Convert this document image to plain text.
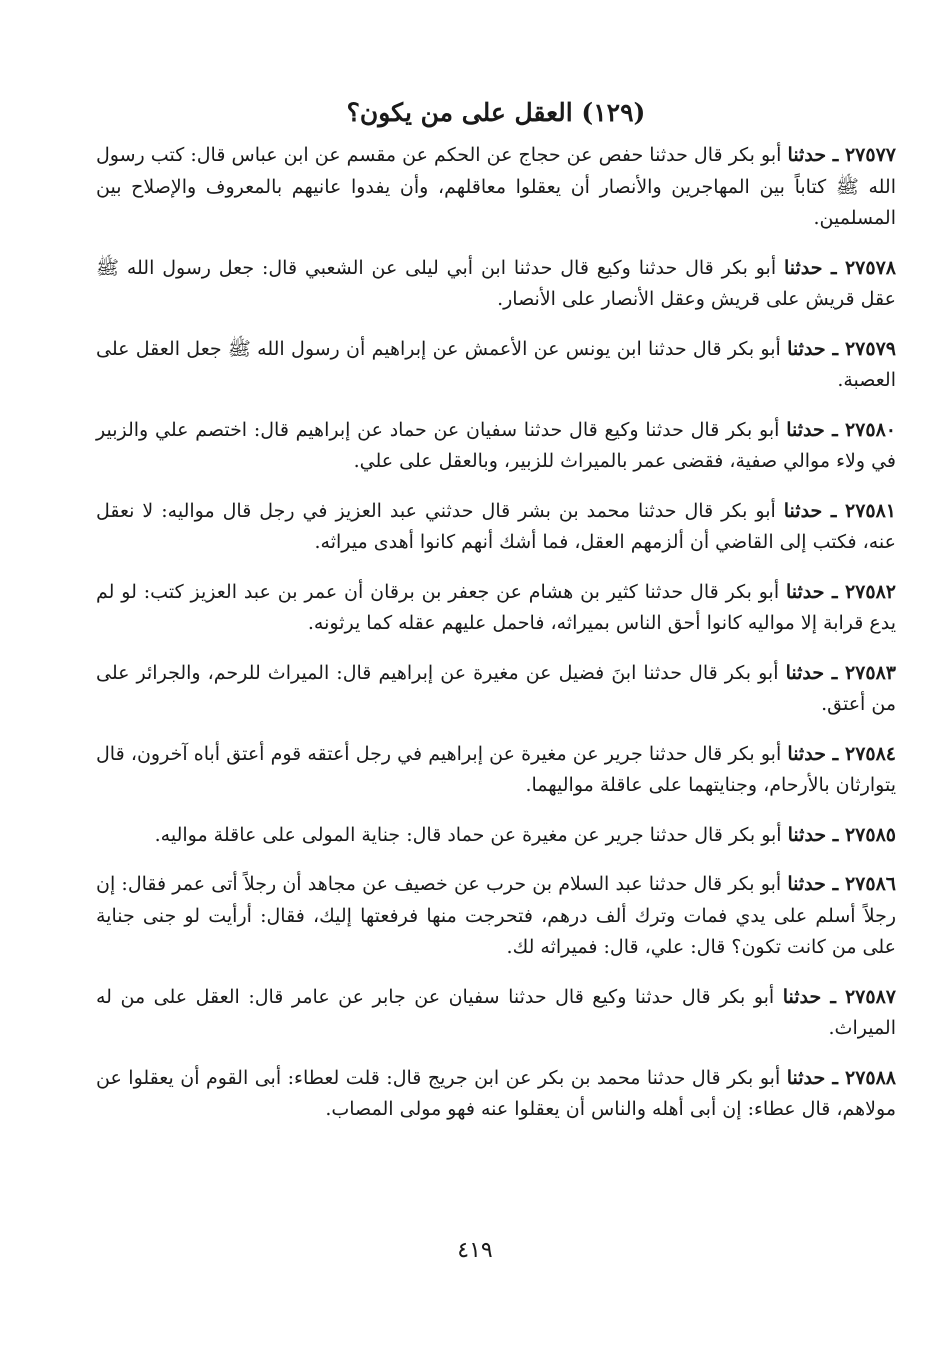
(١٢٩) العقل على من يكون؟

٢٧٥٧٧ ـ حدثنا أبو بكر قال حدثنا حفص عن حجاج عن الحكم عن مقسم عن ابن عباس قال: كتب رسول الله ﷺ كتاباً بين المهاجرين والأنصار أن يعقلوا معاقلهم، وأن يفدوا عانيهم بالمعروف والإصلاح بين المسلمين.

٢٧٥٧٨ ـ حدثنا أبو بكر قال حدثنا وكيع قال حدثنا ابن أبي ليلى عن الشعبي قال: جعل رسول الله ﷺ عقل قريش على قريش وعقل الأنصار على الأنصار.

٢٧٥٧٩ ـ حدثنا أبو بكر قال حدثنا ابن يونس عن الأعمش عن إبراهيم أن رسول الله ﷺ جعل العقل على العصبة.

٢٧٥٨٠ ـ حدثنا أبو بكر قال حدثنا وكيع قال حدثنا سفيان عن حماد عن إبراهيم قال: اختصم علي والزبير في ولاء موالي صفية، فقضى عمر بالميراث للزبير، وبالعقل على علي.

٢٧٥٨١ ـ حدثنا أبو بكر قال حدثنا محمد بن بشر قال حدثني عبد العزيز في رجل قال مواليه: لا نعقل عنه، فكتب إلى القاضي أن ألزمهم العقل، فما أشك أنهم كانوا أهدى ميراثه.

٢٧٥٨٢ ـ حدثنا أبو بكر قال حدثنا كثير بن هشام عن جعفر بن برقان أن عمر بن عبد العزيز كتب: لو لم يدع قرابة إلا مواليه كانوا أحق الناس بميراثه، فاحمل عليهم عقله كما يرثونه.

٢٧٥٨٣ ـ حدثنا أبو بكر قال حدثنا ابنَ فضيل عن مغيرة عن إبراهيم قال: الميراث للرحم، والجرائر على من أعتق.

٢٧٥٨٤ ـ حدثنا أبو بكر قال حدثنا جرير عن مغيرة عن إبراهيم في رجل أعتقه قوم أعتق أباه آخرون، قال يتوارثان بالأرحام، وجنايتهما على عاقلة مواليهما.

٢٧٥٨٥ ـ حدثنا أبو بكر قال حدثنا جرير عن مغيرة عن حماد قال: جناية المولى على عاقلة مواليه.

٢٧٥٨٦ ـ حدثنا أبو بكر قال حدثنا عبد السلام بن حرب عن خصيف عن مجاهد أن رجلاً أتى عمر فقال: إن رجلاً أسلم على يدي فمات وترك ألف درهم، فتحرجت منها فرفعتها إليك، فقال: أرأيت لو جنى جناية على من كانت تكون؟ قال: علي، قال: فميراثه لك.

٢٧٥٨٧ ـ حدثنا أبو بكر قال حدثنا وكيع قال حدثنا سفيان عن جابر عن عامر قال: العقل على من له الميراث.

٢٧٥٨٨ ـ حدثنا أبو بكر قال حدثنا محمد بن بكر عن ابن جريج قال: قلت لعطاء: أبى القوم أن يعقلوا عن مولاهم، قال عطاء: إن أبى أهله والناس أن يعقلوا عنه فهو مولى المصاب.

٤١٩
